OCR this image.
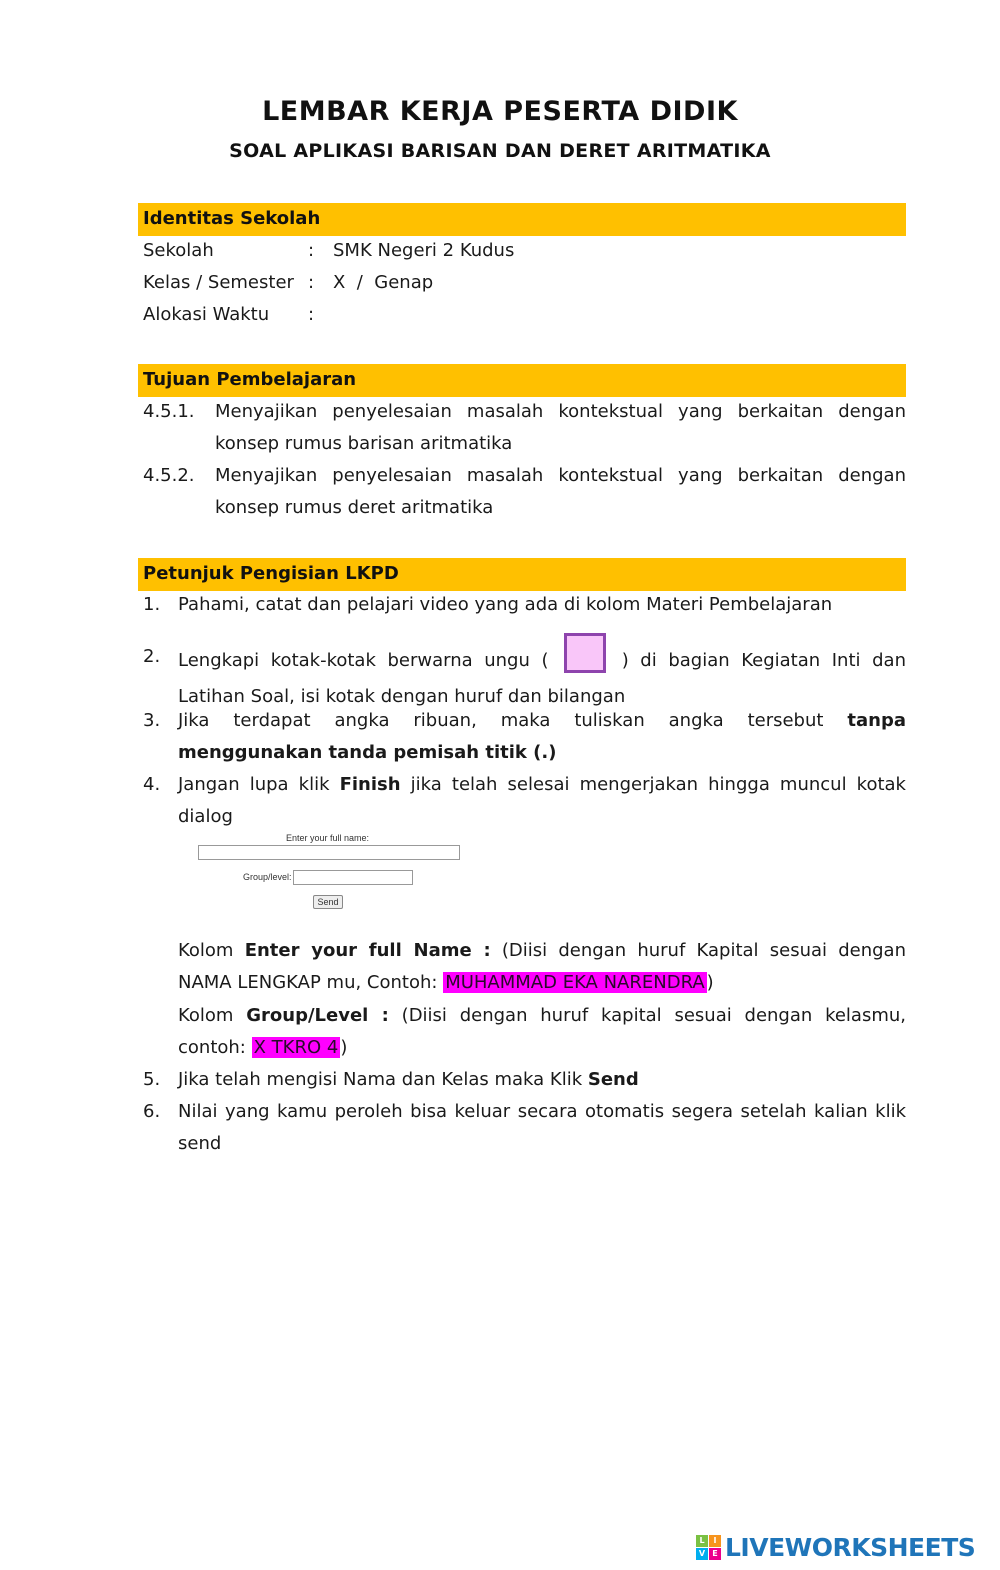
LEMBAR KERJA PESERTA DIDIK
SOAL APLIKASI BARISAN DAN DERET ARITMATIKA
Identitas Sekolah
Sekolah	: SMK Negeri 2 Kudus
Kelas / Semester : X  /  Genap
Alokasi Waktu :
Tujuan Pembelajaran
4.5.1. Menyajikan penyelesaian masalah kontekstual yang berkaitan dengan
konsep rumus barisan aritmatika
4.5.2. Menyajikan penyelesaian masalah kontekstual yang berkaitan dengan
konsep rumus deret aritmatika
Petunjuk Pengisian LKPD
1. Pahami, catat dan pelajari video yang ada di kolom Materi Pembelajaran
2. Lengkapi kotak-kotak berwarna ungu (	) di bagian Kegiatan Inti dan
Latihan Soal, isi kotak dengan huruf dan bilangan
3. Jika terdapat angka ribuan, maka tuliskan angka tersebut tanpa
menggunakan tanda pemisah titik (.)
4. Jangan lupa klik Finish jika telah selesai mengerjakan hingga muncul kotak
dialog
Enter your full name:
Group/level:
Send
Kolom Enter your full Name : (Diisi dengan huruf Kapital sesuai dengan
NAMA LENGKAP mu, Contoh: MUHAMMAD EKA NARENDRA )
Kolom Group/Level : (Diisi dengan huruf kapital sesuai dengan kelasmu,
contoh: X TKRO 4 )
5. Jika telah mengisi Nama dan Kelas maka Klik Send
6. Nilai yang kamu peroleh bisa keluar secara otomatis segera setelah kalian klik
send
L	I
V E LIVEWORKSHEETS
